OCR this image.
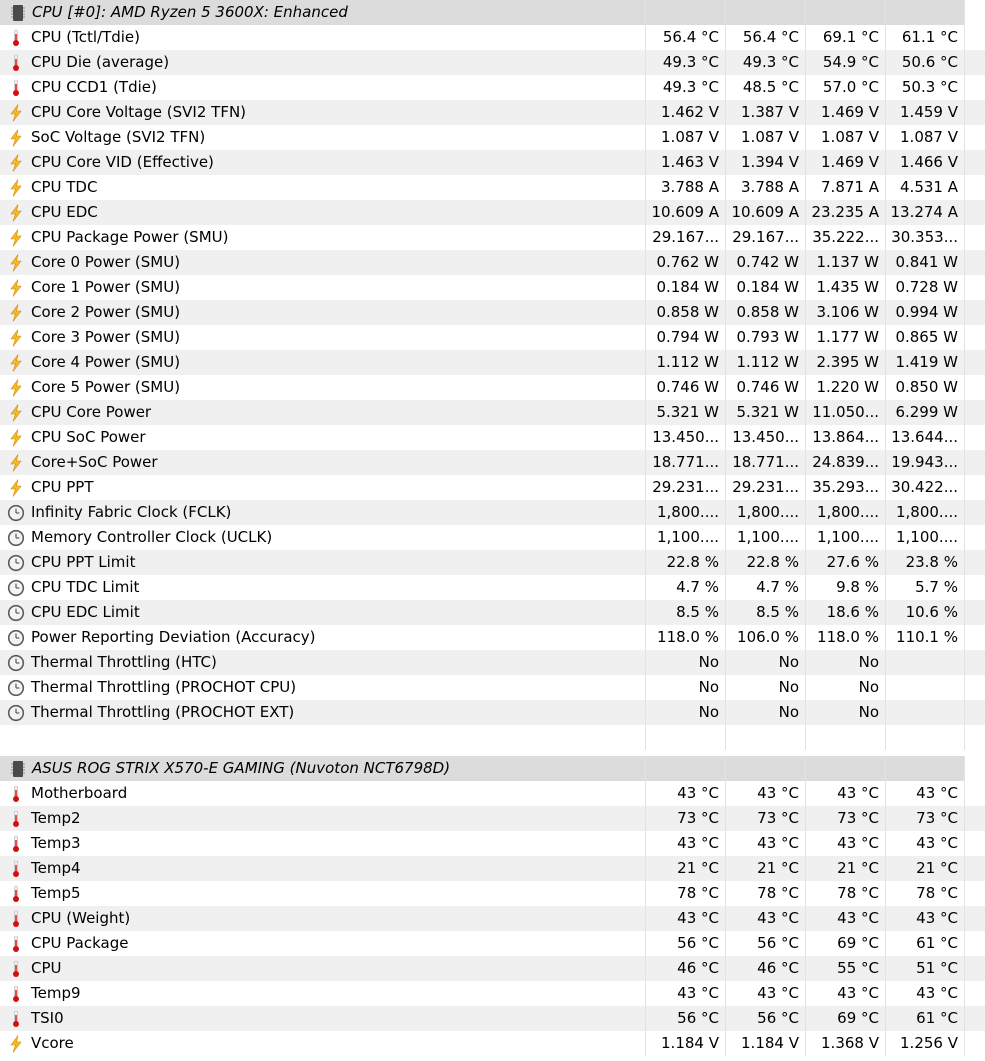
CPU [#0]: AMD Ryzen 5 3600X: Enhanced
CPU (Tctl/Tdie)	56.4 °C	56.4 °C	69.1 °C	61.1 °C
CPU Die (average)	49.3 °C	49.3 °C	54.9 °C	50.6 °C
CPU CCD1 (Tdie)	49.3 °C	48.5 °C	57.0 °C	50.3 °C
CPU Core Voltage (SVI2 TFN)	1.462 V	1.387 V	1.469 V	1.459 V
SoC Voltage (SVI2 TFN)	1.087 V	1.087 V	1.087 V	1.087 V
CPU Core VID (Effective)	1.463 V	1.394 V	1.469 V	1.466 V
CPU TDC	3.788 A	3.788 A	7.871 A	4.531 A
CPU EDC	10.609 A 10.609 A 23.235 A 13.274 A
CPU Package Power (SMU)	29.167... 29.167... 35.222... 30.353...
Core 0 Power (SMU)	0.762 W	0.742 W	1.137 W	0.841 W
Core 1 Power (SMU)	0.184 W	0.184 W	1.435 W	0.728 W
Core 2 Power (SMU)	0.858 W	0.858 W	3.106 W	0.994 W
Core 3 Power (SMU)	0.794 W	0.793 W	1.177 W	0.865 W
Core 4 Power (SMU)	1.112 W	1.112 W	2.395 W	1.419 W
Core 5 Power (SMU)	0.746 W	0.746 W	1.220 W	0.850 W
CPU Core Power	5.321 W	5.321 W 11.050...	6.299 W
CPU SoC Power	13.450... 13.450... 13.864... 13.644...
Core+SoC Power	18.771... 18.771... 24.839... 19.943...
CPU PPT	29.231... 29.231... 35.293... 30.422...
Infinity Fabric Clock (FCLK)	1,800....	1,800....	1,800....	1,800....
Memory Controller Clock (UCLK)	1,100....	1,100....	1,100....	1,100....
CPU PPT Limit	22.8 %	22.8 %	27.6 %	23.8 %
CPU TDC Limit	4.7 %	4.7 %	9.8 %	5.7 %
CPU EDC Limit	8.5 %	8.5 %	18.6 %	10.6 %
Power Reporting Deviation (Accuracy)	118.0 %	106.0 %	118.0 %	110.1 %
Thermal Throttling (HTC)	No	No	No
Thermal Throttling (PROCHOT CPU)	No	No	No
Thermal Throttling (PROCHOT EXT)	No	No	No
ASUS ROG STRIX X570-E GAMING (Nuvoton NCT6798D)
Motherboard	43 °C	43 °C	43 °C	43 °C
Temp2	73 °C	73 °C	73 °C	73 °C
Temp3	43 °C	43 °C	43 °C	43 °C
Temp4	21 °C	21 °C	21 °C	21 °C
Temp5	78 °C	78 °C	78 °C	78 °C
CPU (Weight)	43 °C	43 °C	43 °C	43 °C
CPU Package	56 °C	56 °C	69 °C	61 °C
CPU	46 °C	46 °C	55 °C	51 °C
Temp9	43 °C	43 °C	43 °C	43 °C
TSI0	56 °C	56 °C	69 °C	61 °C
Vcore	1.184 V	1.184 V	1.368 V	1.256 V
